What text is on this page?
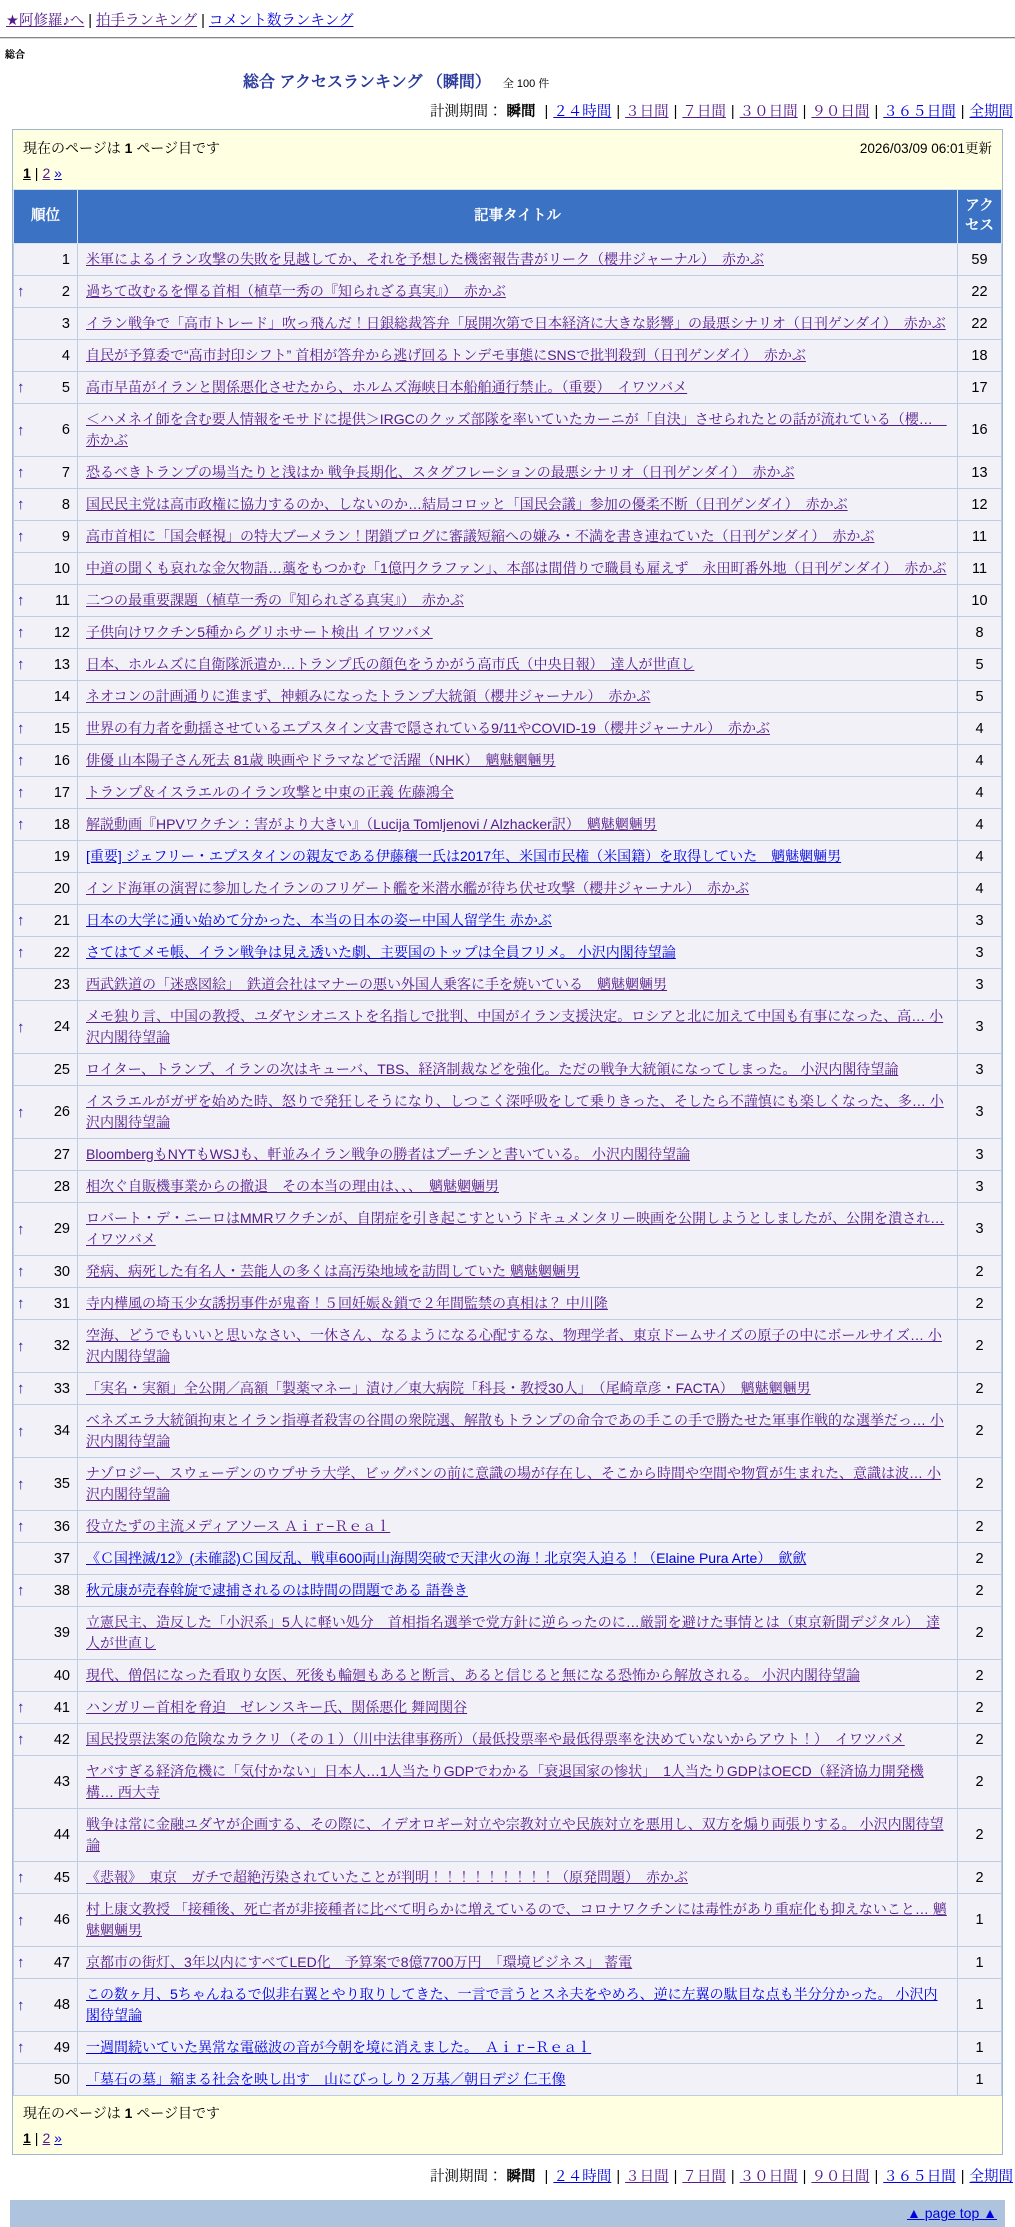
★阿修羅♪へ | 拍手ランキング | コメント数ランキング
総合
総合 アクセスランキング （瞬間） 全 100 件
計測期間： 瞬間 | ２４時間 | ３日間 | ７日間 | ３０日間 | ９０日間 | ３６５日間 | 全期間
現在のページは 1 ページ目です	2026/03/09 06:01更新
1 | 2 »
順位	記事タイトル	アクセス

1	米軍によるイラン攻撃の失敗を見越してか、それを予想した機密報告書がリーク（櫻井ジャーナル）　赤かぶ	59

↑ 2	過ちて改むるを憚る首相（植草一秀の『知られざる真実』）　赤かぶ	22

3	イラン戦争で「高市トレード」吹っ飛んだ！日銀総裁答弁「展開次第で日本経済に大きな影響」の最悪シナリオ（日刊ゲンダイ）　赤かぶ	22

4	自民が予算委で“高市封印シフト” 首相が答弁から逃げ回るトンデモ事態にSNSで批判殺到（日刊ゲンダイ）　赤かぶ	18

↑ 5	高市早苗がイランと関係悪化させたから、ホルムズ海峡日本船舶通行禁止。（重要）　イワツバメ	17

↑ 6	＜ハメネイ師を含む要人情報をモサドに提供＞IRGCのクッズ部隊を率いていたカーニが「自決」させられたとの話が流れている（櫻…　赤かぶ	16

↑ 7	恐るべきトランプの場当たりと浅はか 戦争長期化、スタグフレーションの最悪シナリオ（日刊ゲンダイ）　赤かぶ	13

↑ 8	国民民主党は高市政権に協力するのか、しないのか…結局コロッと「国民会議」参加の優柔不断（日刊ゲンダイ）　赤かぶ	12

↑ 9	高市首相に「国会軽視」の特大ブーメラン！閉鎖ブログに審議短縮への嫌み・不満を書き連ねていた（日刊ゲンダイ）　赤かぶ	11

10	中道の聞くも哀れな金欠物語…藁をもつかむ「1億円クラファン」、本部は間借りで職員も雇えず　永田町番外地（日刊ゲンダイ）　赤かぶ	11

↑ 11	二つの最重要課題（植草一秀の『知られざる真実』）　赤かぶ	10

↑ 12	子供向けワクチン5種からグリホサート検出 イワツバメ	8

↑ 13	日本、ホルムズに自衛隊派遣か…トランプ氏の顔色をうかがう高市氏（中央日報）　達人が世直し	5

14	ネオコンの計画通りに進まず、神頼みになったトランプ大統領（櫻井ジャーナル）　赤かぶ	5

↑ 15	世界の有力者を動揺させているエプスタイン文書で隠されている9/11やCOVID-19（櫻井ジャーナル）　赤かぶ	4

↑ 16	俳優 山本陽子さん死去 81歳 映画やドラマなどで活躍（NHK）　魑魅魍魎男	4

↑ 17	トランプ＆イスラエルのイラン攻撃と中東の正義 佐藤鴻全	4

↑ 18	解説動画『HPVワクチン：害がより大きい』（Lucija Tomljenovi / Alzhacker訳）　魑魅魍魎男	4

19	[重要] ジェフリー・エプスタインの親友である伊藤穰一氏は2017年、米国市民権（米国籍）を取得していた　魑魅魍魎男	4

20	インド海軍の演習に参加したイランのフリゲート艦を米潜水艦が待ち伏せ攻撃（櫻井ジャーナル）　赤かぶ	4

↑ 21	日本の大学に通い始めて分かった、本当の日本の姿ー中国人留学生 赤かぶ	3

↑ 22	さてはてメモ帳、イラン戦争は見え透いた劇、主要国のトップは全員フリメ。 小沢内閣待望論	3

23	西武鉄道の「迷惑図絵」　鉄道会社はマナーの悪い外国人乗客に手を焼いている　魑魅魍魎男	3

↑ 24	メモ独り言、中国の教授、ユダヤシオニストを名指しで批判、中国がイラン支援決定。ロシアと北に加えて中国も有事になった、高… 小沢内閣待望論	3

25	ロイター、トランプ、イランの次はキューバ、TBS、経済制裁などを強化。ただの戦争大統領になってしまった。 小沢内閣待望論	3

↑ 26	イスラエルがガザを始めた時、怒りで発狂しそうになり、しつこく深呼吸をして乗りきった、そしたら不謹慎にも楽しくなった、多… 小沢内閣待望論	3

27	BloombergもNYTもWSJも、軒並みイラン戦争の勝者はプーチンと書いている。 小沢内閣待望論	3

28	相次ぐ自販機事業からの撤退　その本当の理由は、、、　魑魅魍魎男	3

↑ 29	ロバート・デ・ニーロはMMRワクチンが、自閉症を引き起こすというドキュメンタリー映画を公開しようとしましたが、公開を潰され… イワツバメ	3

↑ 30	発病、病死した有名人・芸能人の多くは高汚染地域を訪問していた 魑魅魍魎男	2

↑ 31	寺内樺風の埼玉少女誘拐事件が鬼畜！５回妊娠＆鎖で２年間監禁の真相は？ 中川隆	2

↑ 32	空海、どうでもいいと思いなさい、一休さん、なるようになる心配するな、物理学者、東京ドームサイズの原子の中にボールサイズ… 小沢内閣待望論	2

↑ 33	「実名・実額」全公開／高額「製薬マネー」漬け／東大病院「科長・教授30人」　（尾崎章彦・FACTA）　魑魅魍魎男	2

↑ 34	ベネズエラ大統領拘束とイラン指導者殺害の谷間の衆院選、解散もトランプの命令であの手この手で勝たせた軍事作戦的な選挙だっ… 小沢内閣待望論	2

↑ 35	ナゾロジー、スウェーデンのウプサラ大学、ビッグバンの前に意識の場が存在し、そこから時間や空間や物質が生まれた、意識は波… 小沢内閣待望論	2

↑ 36	役立たずの主流メディアソース Ａｉｒ−Ｒｅａｌ	2

37	《Ｃ国挫滅/12》(未確認)Ｃ国反乱、戦車600両山海関突破で天津火の海！北京突入迫る！（Elaine Pura Arte）　歛歛	2

↑ 38	秋元康が売春斡旋で逮捕されるのは時間の問題である 語巻き	2

39	立憲民主、造反した「小沢系」5人に軽い処分　首相指名選挙で党方針に逆らったのに…厳罰を避けた事情とは（東京新聞デジタル）　達人が世直し	2

40	現代、僧侶になった看取り女医、死後も輪廻もあると断言、あると信じると無になる恐怖から解放される。 小沢内閣待望論	2

↑ 41	ハンガリー首相を脅迫　ゼレンスキー氏、関係悪化 舞岡関谷	2

↑ 42	国民投票法案の危険なカラクリ（その１）（川中法律事務所）（最低投票率や最低得票率を決めていないからアウト！）　イワツバメ	2

43	ヤバすぎる経済危機に「気付かない」日本人…1人当たりGDPでわかる「衰退国家の惨状」　1人当たりGDPはOECD（経済協力開発機構… 西大寺	2

44	戦争は常に金融ユダヤが企画する、その際に、イデオロギー対立や宗教対立や民族対立を悪用し、双方を煽り両張りする。 小沢内閣待望論	2

↑ 45	《悲報》　東京　ガチで超絶汚染されていたことが判明！！！！！！！！！（原発問題）　赤かぶ	2

↑ 46	村上康文教授 「接種後、死亡者が非接種者に比べて明らかに増えているので、コロナワクチンには毒性があり重症化も抑えないこと… 魑魅魍魎男	1

↑ 47	京都市の街灯、3年以内にすべてLED化　予算案で8億7700万円　「環境ビジネス」 蓄電	1

↑ 48	この数ヶ月、5ちゃんねるで似非右翼とやり取りしてきた、一言で言うとスネ夫をやめろ、逆に左翼の駄目な点も半分分かった。 小沢内閣待望論	1

↑ 49	一週間続いていた異常な電磁波の音が今朝を境に消えました。　Ａｉｒ−Ｒｅａｌ	1

50	「墓石の墓」縮まる社会を映し出す　山にびっしり２万基／朝日デジ 仁王像	1
現在のページは 1 ページ目です
1 | 2 »
計測期間： 瞬間 | ２４時間 | ３日間 | ７日間 | ３０日間 | ９０日間 | ３６５日間 | 全期間
▲ page top ▲
